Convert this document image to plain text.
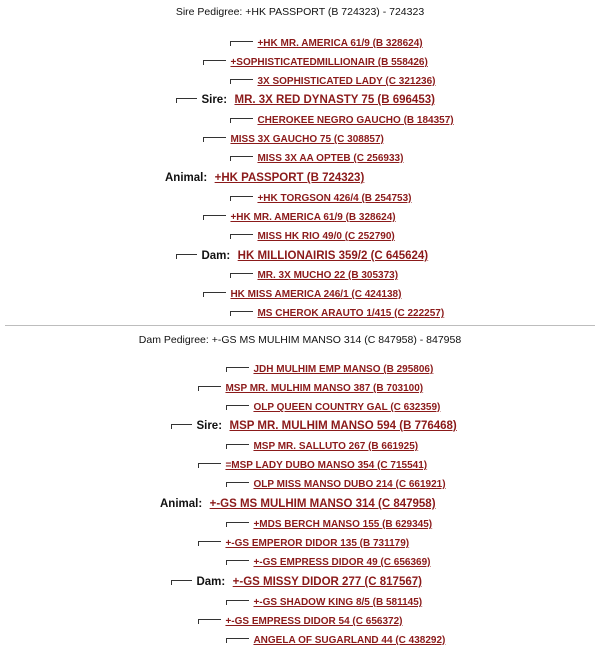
Sire Pedigree: +HK PASSPORT (B 724323) - 724323
+HK MR. AMERICA 61/9 (B 328624)
+SOPHISTICATEDMILLIONAIR (B 558426)
3X SOPHISTICATED LADY (C 321236)
Sire: MR. 3X RED DYNASTY 75 (B 696453)
CHEROKEE NEGRO GAUCHO (B 184357)
MISS 3X GAUCHO 75 (C 308857)
MISS 3X AA OPTEB (C 256933)
Animal: +HK PASSPORT (B 724323)
+HK TORGSON 426/4 (B 254753)
+HK MR. AMERICA 61/9 (B 328624)
MISS HK RIO 49/0 (C 252790)
Dam: HK MILLIONAIRIS 359/2 (C 645624)
MR. 3X MUCHO 22 (B 305373)
HK MISS AMERICA 246/1 (C 424138)
MS CHEROK ARAUTO 1/415 (C 222257)
Dam Pedigree: +-GS MS MULHIM MANSO 314 (C 847958) - 847958
JDH MULHIM EMP MANSO (B 295806)
MSP MR. MULHIM MANSO 387 (B 703100)
OLP QUEEN COUNTRY GAL (C 632359)
Sire: MSP MR. MULHIM MANSO 594 (B 776468)
MSP MR. SALLUTO 267 (B 661925)
=MSP LADY DUBO MANSO 354 (C 715541)
OLP MISS MANSO DUBO 214 (C 661921)
Animal: +-GS MS MULHIM MANSO 314 (C 847958)
+MDS BERCH MANSO 155 (B 629345)
+-GS EMPEROR DIDOR 135 (B 731179)
+-GS EMPRESS DIDOR 49 (C 656369)
Dam: +-GS MISSY DIDOR 277 (C 817567)
+-GS SHADOW KING 8/5 (B 581145)
+-GS EMPRESS DIDOR 54 (C 656372)
ANGELA OF SUGARLAND 44 (C 438292)
